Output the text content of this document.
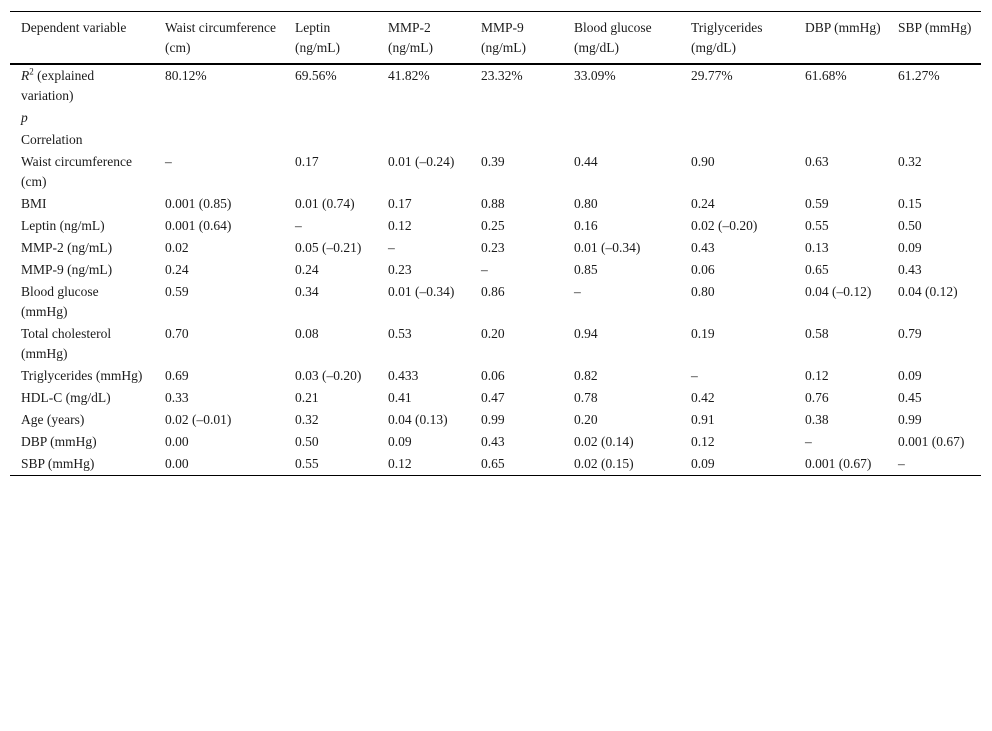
Dependent variable	Waist circumference (cm)	Leptin (ng/mL)	MMP-2 (ng/mL)	MMP-9 (ng/mL)	Blood glucose (mg/dL)	Triglycerides (mg/dL)	DBP (mmHg)	SBP (mmHg)
$R^2$ (explained variation)	80.12%	69.56%	41.82%	23.32%	33.09%	29.77%	61.68%	61.27%
p								
Correlation								
Waist circumference (cm)	–	0.17	0.01 (–0.24)	0.39	0.44	0.90	0.63	0.32
BMI	0.001 (0.85)	0.01 (0.74)	0.17	0.88	0.80	0.24	0.59	0.15
Leptin (ng/mL)	0.001 (0.64)	–	0.12	0.25	0.16	0.02 (–0.20)	0.55	0.50
MMP-2 (ng/mL)	0.02	0.05 (–0.21)	–	0.23	0.01 (–0.34)	0.43	0.13	0.09
MMP-9 (ng/mL)	0.24	0.24	0.23	–	0.85	0.06	0.65	0.43
Blood glucose (mmHg)	0.59	0.34	0.01 (–0.34)	0.86	–	0.80	0.04 (–0.12)	0.04 (0.12)
Total cholesterol (mmHg)	0.70	0.08	0.53	0.20	0.94	0.19	0.58	0.79
Triglycerides (mmHg)	0.69	0.03 (–0.20)	0.433	0.06	0.82	–	0.12	0.09
HDL-C (mg/dL)	0.33	0.21	0.41	0.47	0.78	0.42	0.76	0.45
Age (years)	0.02 (–0.01)	0.32	0.04 (0.13)	0.99	0.20	0.91	0.38	0.99
DBP (mmHg)	0.00	0.50	0.09	0.43	0.02 (0.14)	0.12	–	0.001 (0.67)
SBP (mmHg)	0.00	0.55	0.12	0.65	0.02 (0.15)	0.09	0.001 (0.67)	–
